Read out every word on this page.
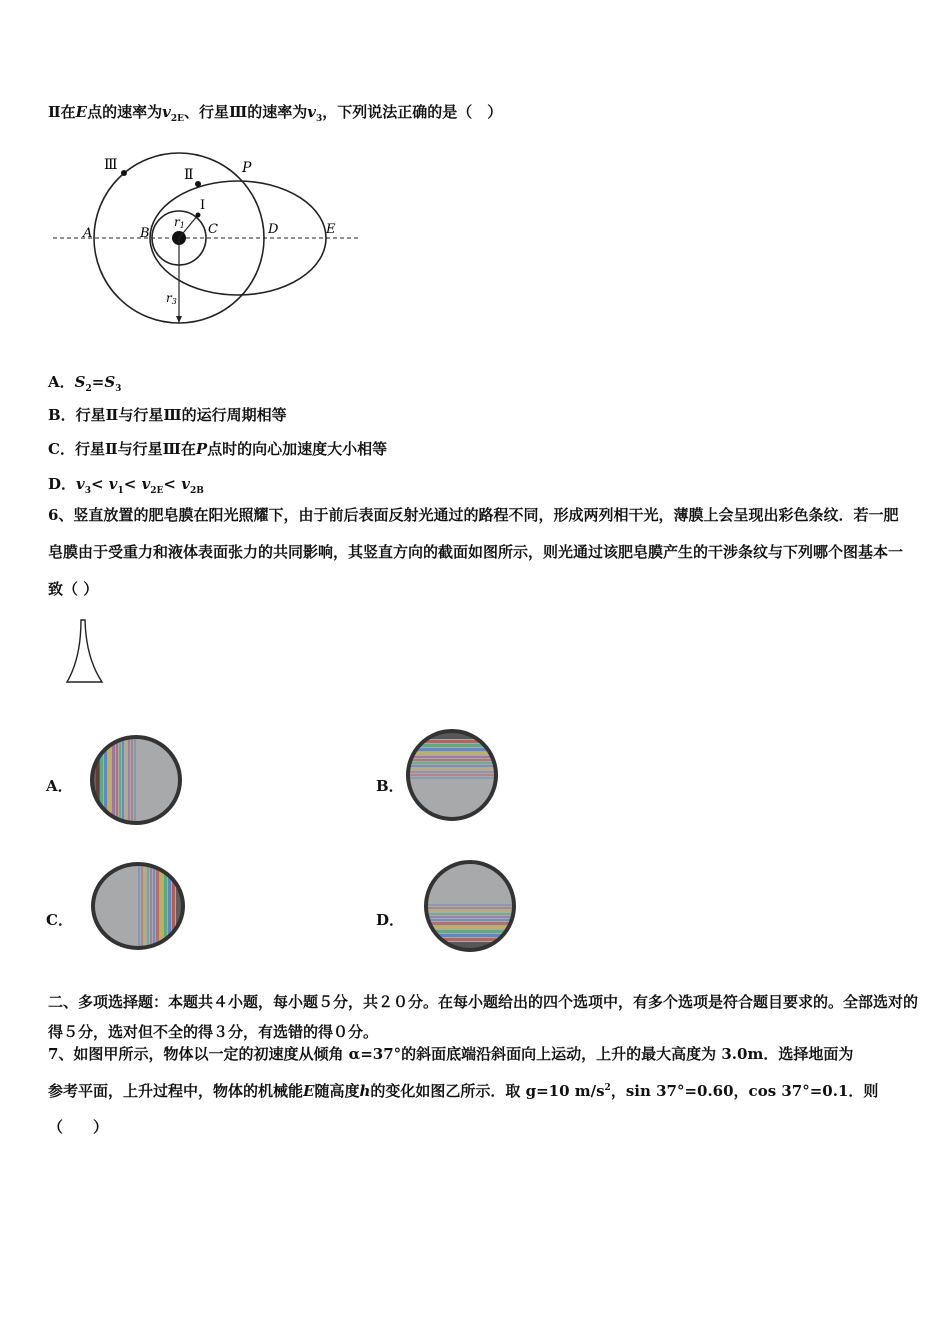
Ⅱ在E点的速率为$v_{2E}$、行星Ⅲ的速率为$v_3$，下列说法正确的是（　）
Ⅲ
Ⅱ
Ⅰ
P
A	B	C	D	E
r1
r3
A．$S_2=S_3$
B．行星Ⅱ与行星Ⅲ的运行周期相等
C．行星Ⅱ与行星Ⅲ在P点时的向心加速度大小相等
D．$v_3< v_1< v_{2E}< v_{2B}$
6、竖直放置的肥皂膜在阳光照耀下，由于前后表面反射光通过的路程不同，形成两列相干光，薄膜上会呈现出彩色条纹．若一肥皂膜由于受重力和液体表面张力的共同影响，其竖直方向的截面如图所示，则光通过该肥皂膜产生的干涉条纹与下列哪个图基本一致（ ）
A．	B．
C．	D．
二、多项选择题：本题共４小题，每小题５分，共２０分。在每小题给出的四个选项中，有多个选项是符合题目要求的。全部选对的得５分，选对但不全的得３分，有选错的得０分。
7、如图甲所示，物体以一定的初速度从倾角 α=37°的斜面底端沿斜面向上运动，上升的最大高度为 3.0m．选择地面为
参考平面，上升过程中，物体的机械能E随高度h的变化如图乙所示．取 g=10 $m/s^2$，sin 37°=0.60，cos 37°=0.1．则
（　　）
